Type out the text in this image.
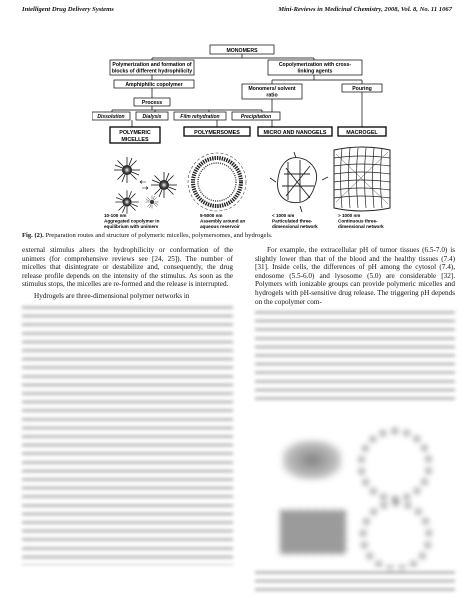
Intelligent Drug Delivery Systems	Mini-Reviews in Medicinal Chemistry, 2008, Vol. 8, No. 11 1067
MONOMERS
Polymerization and formation of
blocks of different hydrophilicity
Copolymerization with cross-
linking agents
Amphiphilic copolymer
Monomers/ solvent
ratio
Pouring
Process
Dissolution	Dialysis	Film rehydration	Precipitation
POLYMERIC
MICELLES
POLYMERSOMES	MICRO AND NANOGELS	MACROGEL
10-100 nm
Aggregated copolymer in
equilibrium with unimers
5-5000 nm
Assembly around an
aqueous reservoir
< 1000 nm
Particulated three-
dimensional network
> 1000 nm
Continuous three-
dimensional network
Fig. (2). Preparation routes and structure of polymeric micelles, polymersomes, and hydrogels.
external stimulus alters the hydrophilicity or conformation of the unimers (for comprehensive reviews see [24, 25]). The number of micelles that disintegrate or destabilize and, consequently, the drug release profile depends on the intensity of the stimulus. As soon as the stimulus stops, the micelles are re-formed and the release is interrupted.
Hydrogels are three-dimensional polymer networks in
For example, the extracellular pH of tumor tissues (6.5-7.0) is slightly lower than that of the blood and the healthy tissues (7.4) [31]. Inside cells, the differences of pH among the cytosol (7.4), endosome (5.5-6.0) and lysosome (5.0) are considerable [32]. Polymers with ionizable groups can provide polymeric micelles and hydrogels with pH-sensitive drug release. The triggering pH depends on the copolymer com-
